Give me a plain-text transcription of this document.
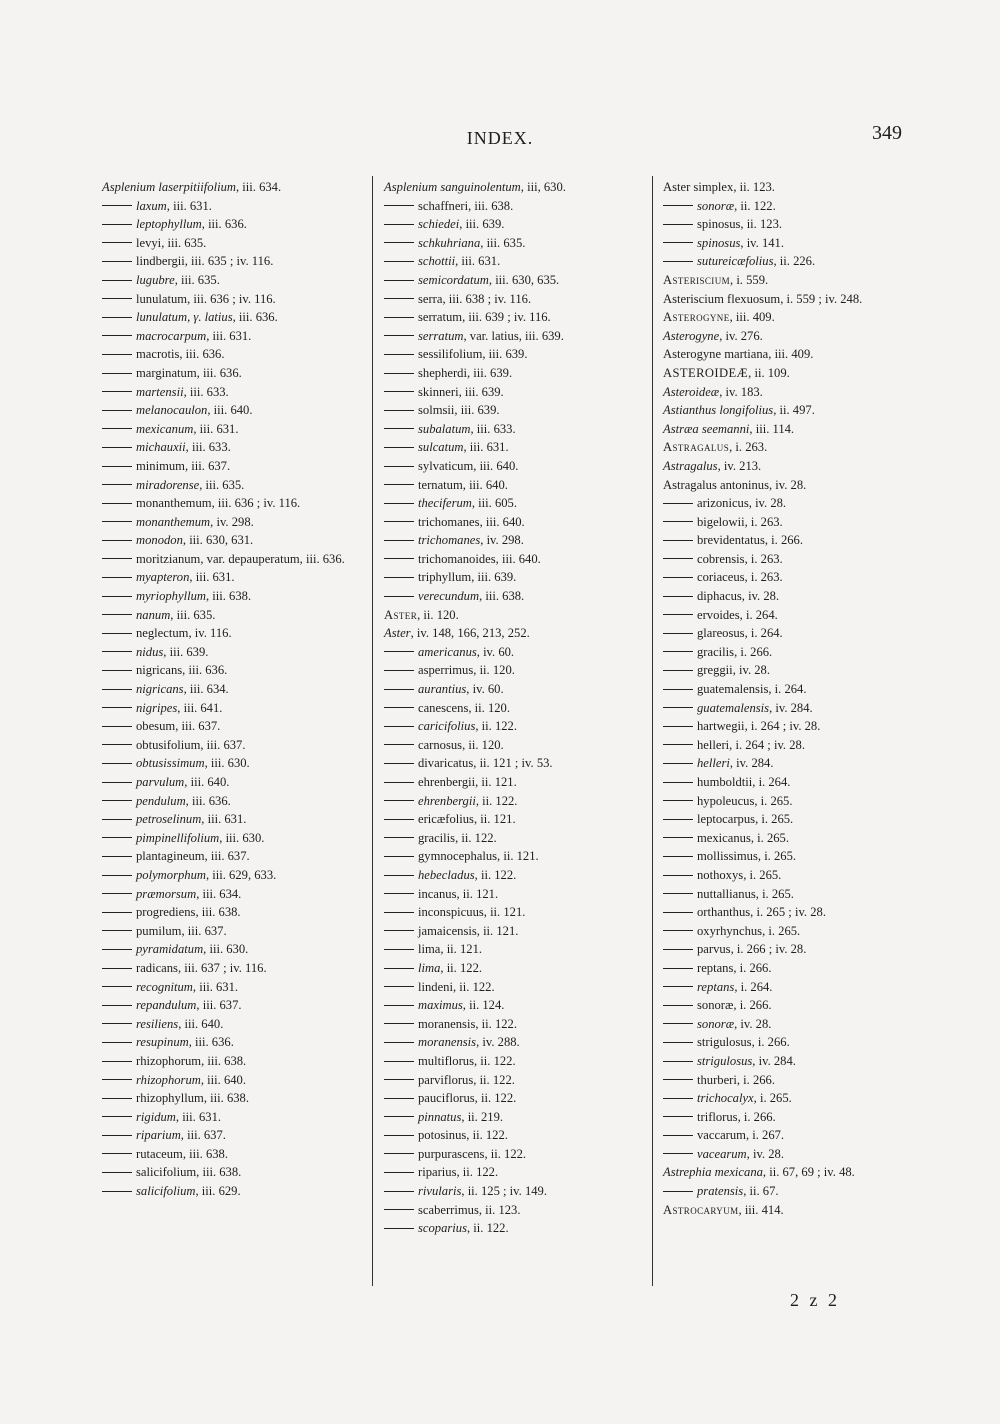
INDEX.	349
Asplenium laserpitiifolium, iii. 634.
laxum, iii. 631.
leptophyllum, iii. 636.
levyi, iii. 635.
lindbergii, iii. 635 ; iv. 116.
lugubre, iii. 635.
lunulatum, iii. 636 ; iv. 116.
lunulatum, γ. latius, iii. 636.
macrocarpum, iii. 631.
macrotis, iii. 636.
marginatum, iii. 636.
martensii, iii. 633.
melanocaulon, iii. 640.
mexicanum, iii. 631.
michauxii, iii. 633.
minimum, iii. 637.
miradorense, iii. 635.
monanthemum, iii. 636 ; iv. 116.
monanthemum, iv. 298.
monodon, iii. 630, 631.
moritzianum, var. depauperatum, iii. 636.
myapteron, iii. 631.
myriophyllum, iii. 638.
nanum, iii. 635.
neglectum, iv. 116.
nidus, iii. 639.
nigricans, iii. 636.
nigricans, iii. 634.
nigripes, iii. 641.
obesum, iii. 637.
obtusifolium, iii. 637.
obtusissimum, iii. 630.
parvulum, iii. 640.
pendulum, iii. 636.
petroselinum, iii. 631.
pimpinellifolium, iii. 630.
plantagineum, iii. 637.
polymorphum, iii. 629, 633.
præmorsum, iii. 634.
progrediens, iii. 638.
pumilum, iii. 637.
pyramidatum, iii. 630.
radicans, iii. 637 ; iv. 116.
recognitum, iii. 631.
repandulum, iii. 637.
resiliens, iii. 640.
resupinum, iii. 636.
rhizophorum, iii. 638.
rhizophorum, iii. 640.
rhizophyllum, iii. 638.
rigidum, iii. 631.
riparium, iii. 637.
rutaceum, iii. 638.
salicifolium, iii. 638.
salicifolium, iii. 629.
Asplenium sanguinolentum, iii, 630.
schaffneri, iii. 638.
schiedei, iii. 639.
schkuhriana, iii. 635.
schottii, iii. 631.
semicordatum, iii. 630, 635.
serra, iii. 638 ; iv. 116.
serratum, iii. 639 ; iv. 116.
serratum, var. latius, iii. 639.
sessilifolium, iii. 639.
shepherdi, iii. 639.
skinneri, iii. 639.
solmsii, iii. 639.
subalatum, iii. 633.
sulcatum, iii. 631.
sylvaticum, iii. 640.
ternatum, iii. 640.
theciferum, iii. 605.
trichomanes, iii. 640.
trichomanes, iv. 298.
trichomanoides, iii. 640.
triphyllum, iii. 639.
verecundum, iii. 638.
Aster, ii. 120.
Aster, iv. 148, 166, 213, 252.
americanus, iv. 60.
asperrimus, ii. 120.
aurantius, iv. 60.
canescens, ii. 120.
caricifolius, ii. 122.
carnosus, ii. 120.
divaricatus, ii. 121 ; iv. 53.
ehrenbergii, ii. 121.
ehrenbergii, ii. 122.
ericæfolius, ii. 121.
gracilis, ii. 122.
gymnocephalus, ii. 121.
hebecladus, ii. 122.
incanus, ii. 121.
inconspicuus, ii. 121.
jamaicensis, ii. 121.
lima, ii. 121.
lima, ii. 122.
lindeni, ii. 122.
maximus, ii. 124.
moranensis, ii. 122.
moranensis, iv. 288.
multiflorus, ii. 122.
parviflorus, ii. 122.
pauciflorus, ii. 122.
pinnatus, ii. 219.
potosinus, ii. 122.
purpurascens, ii. 122.
riparius, ii. 122.
rivularis, ii. 125 ; iv. 149.
scaberrimus, ii. 123.
scoparius, ii. 122.
Aster simplex, ii. 123.
sonoræ, ii. 122.
spinosus, ii. 123.
spinosus, iv. 141.
sutureicæfolius, ii. 226.
Asteriscium, i. 559.
Asteriscium flexuosum, i. 559 ; iv. 248.
Asterogyne, iii. 409.
Asterogyne, iv. 276.
Asterogyne martiana, iii. 409.
ASTEROIDEÆ, ii. 109.
Asteroideæ, iv. 183.
Astianthus longifolius, ii. 497.
Astræa seemanni, iii. 114.
Astragalus, i. 263.
Astragalus, iv. 213.
Astragalus antoninus, iv. 28.
arizonicus, iv. 28.
bigelowii, i. 263.
brevidentatus, i. 266.
cobrensis, i. 263.
coriaceus, i. 263.
diphacus, iv. 28.
ervoides, i. 264.
glareosus, i. 264.
gracilis, i. 266.
greggii, iv. 28.
guatemalensis, i. 264.
guatemalensis, iv. 284.
hartwegii, i. 264 ; iv. 28.
helleri, i. 264 ; iv. 28.
helleri, iv. 284.
humboldtii, i. 264.
hypoleucus, i. 265.
leptocarpus, i. 265.
mexicanus, i. 265.
mollissimus, i. 265.
nothoxys, i. 265.
nuttallianus, i. 265.
orthanthus, i. 265 ; iv. 28.
oxyrhynchus, i. 265.
parvus, i. 266 ; iv. 28.
reptans, i. 266.
reptans, i. 264.
sonoræ, i. 266.
sonoræ, iv. 28.
strigulosus, i. 266.
strigulosus, iv. 284.
thurberi, i. 266.
trichocalyx, i. 265.
triflorus, i. 266.
vaccarum, i. 267.
vacearum, iv. 28.
Astrephia mexicana, ii. 67, 69 ; iv. 48.
pratensis, ii. 67.
Astrocaryum, iii. 414.
2 z 2
